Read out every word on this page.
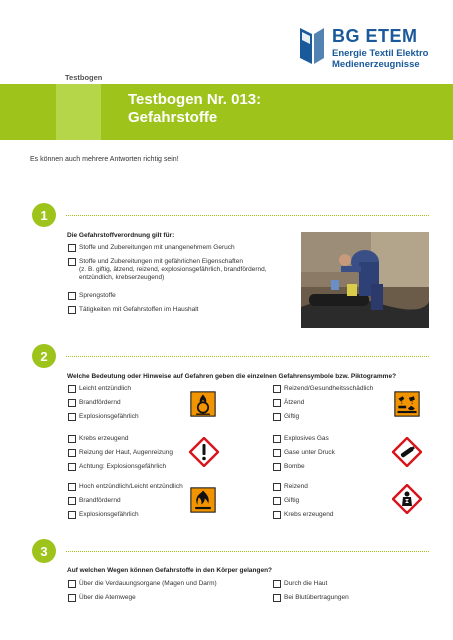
BG ETEM
Energie Textil Elektro
Medienerzeugnisse
Testbogen
Testbogen Nr. 013:
Gefahrstoffe
Es können auch mehrere Antworten richtig sein!
1
Die Gefahrstoffverordnung gilt für:
Stoffe und Zubereitungen mit unangenehmem Geruch
Stoffe und Zubereitungen mit gefährlichen Eigenschaften
(z. B. giftig, ätzend, reizend, explosionsgefährlich, brandfördernd,
entzündlich, krebserzeugend)
Sprengstoffe
Tätigkeiten mit Gefahrstoffen im Haushalt
2
Welche Bedeutung oder Hinweise auf Gefahren geben die einzelnen Gefahrensymbole bzw. Piktogramme?
Leicht entzündlich
Brandfördernd
Explosionsgefährlich
Reizend/Gesundheitsschädlich
Ätzend
Giftig
Krebs erzeugend
Reizung der Haut, Augenreizung
Achtung: Explosionsgefährlich
Explosives Gas
Gase unter Druck
Bombe
Hoch entzündlich/Leicht entzündlich
Brandfördernd
Explosionsgefährlich
Reizend
Giftig
Krebs erzeugend
3
Auf welchen Wegen können Gefahrstoffe in den Körper gelangen?
Über die Verdauungsorgane (Magen und Darm)
Über die Atemwege
Durch die Haut
Bei Blutübertragungen
